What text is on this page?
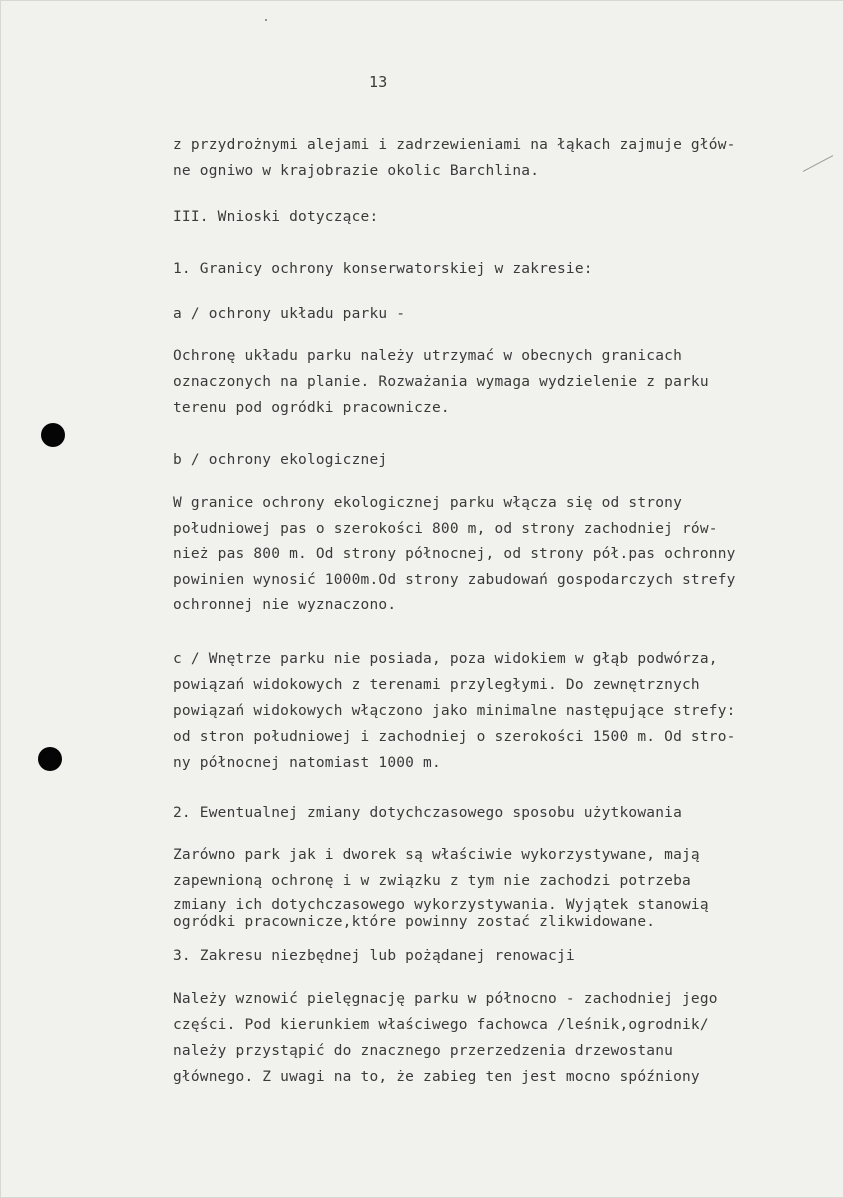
13
z przydrożnymi alejami i zadrzewieniami na łąkach zajmuje głów-
ne ogniwo w krajobrazie okolic Barchlina.
III. Wnioski dotyczące:
1. Granicy ochrony konserwatorskiej w zakresie:
a / ochrony układu parku -
Ochronę układu parku należy utrzymać w obecnych granicach
oznaczonych na planie. Rozważania wymaga wydzielenie z parku
terenu pod ogródki pracownicze.
b / ochrony ekologicznej
W granice ochrony ekologicznej parku włącza się od strony
południowej pas o szerokości 800 m, od strony zachodniej rów-
nież pas 800 m. Od strony północnej, od strony pół.pas ochronny
powinien wynosić 1000m.Od strony zabudowań gospodarczych strefy
ochronnej nie wyznaczono.
c / Wnętrze parku nie posiada, poza widokiem w głąb podwórza,
powiązań widokowych z terenami przyległymi. Do zewnętrznych
powiązań widokowych włączono jako minimalne następujące strefy:
od stron południowej i zachodniej o szerokości 1500 m. Od stro-
ny północnej natomiast 1000 m.
2. Ewentualnej zmiany dotychczasowego sposobu użytkowania
Zarówno park jak i dworek są właściwie wykorzystywane, mają
zapewnioną ochronę i w związku z tym nie zachodzi potrzeba
zmiany ich dotychczasowego wykorzystywania. Wyjątek stanowią
ogródki pracownicze,które powinny zostać zlikwidowane.
3. Zakresu niezbędnej lub pożądanej renowacji
Należy wznowić pielęgnację parku w północno - zachodniej jego
części. Pod kierunkiem właściwego fachowca /leśnik,ogrodnik/
należy przystąpić do znacznego przerzedzenia drzewostanu
głównego. Z uwagi na to, że zabieg ten jest mocno spóźniony
